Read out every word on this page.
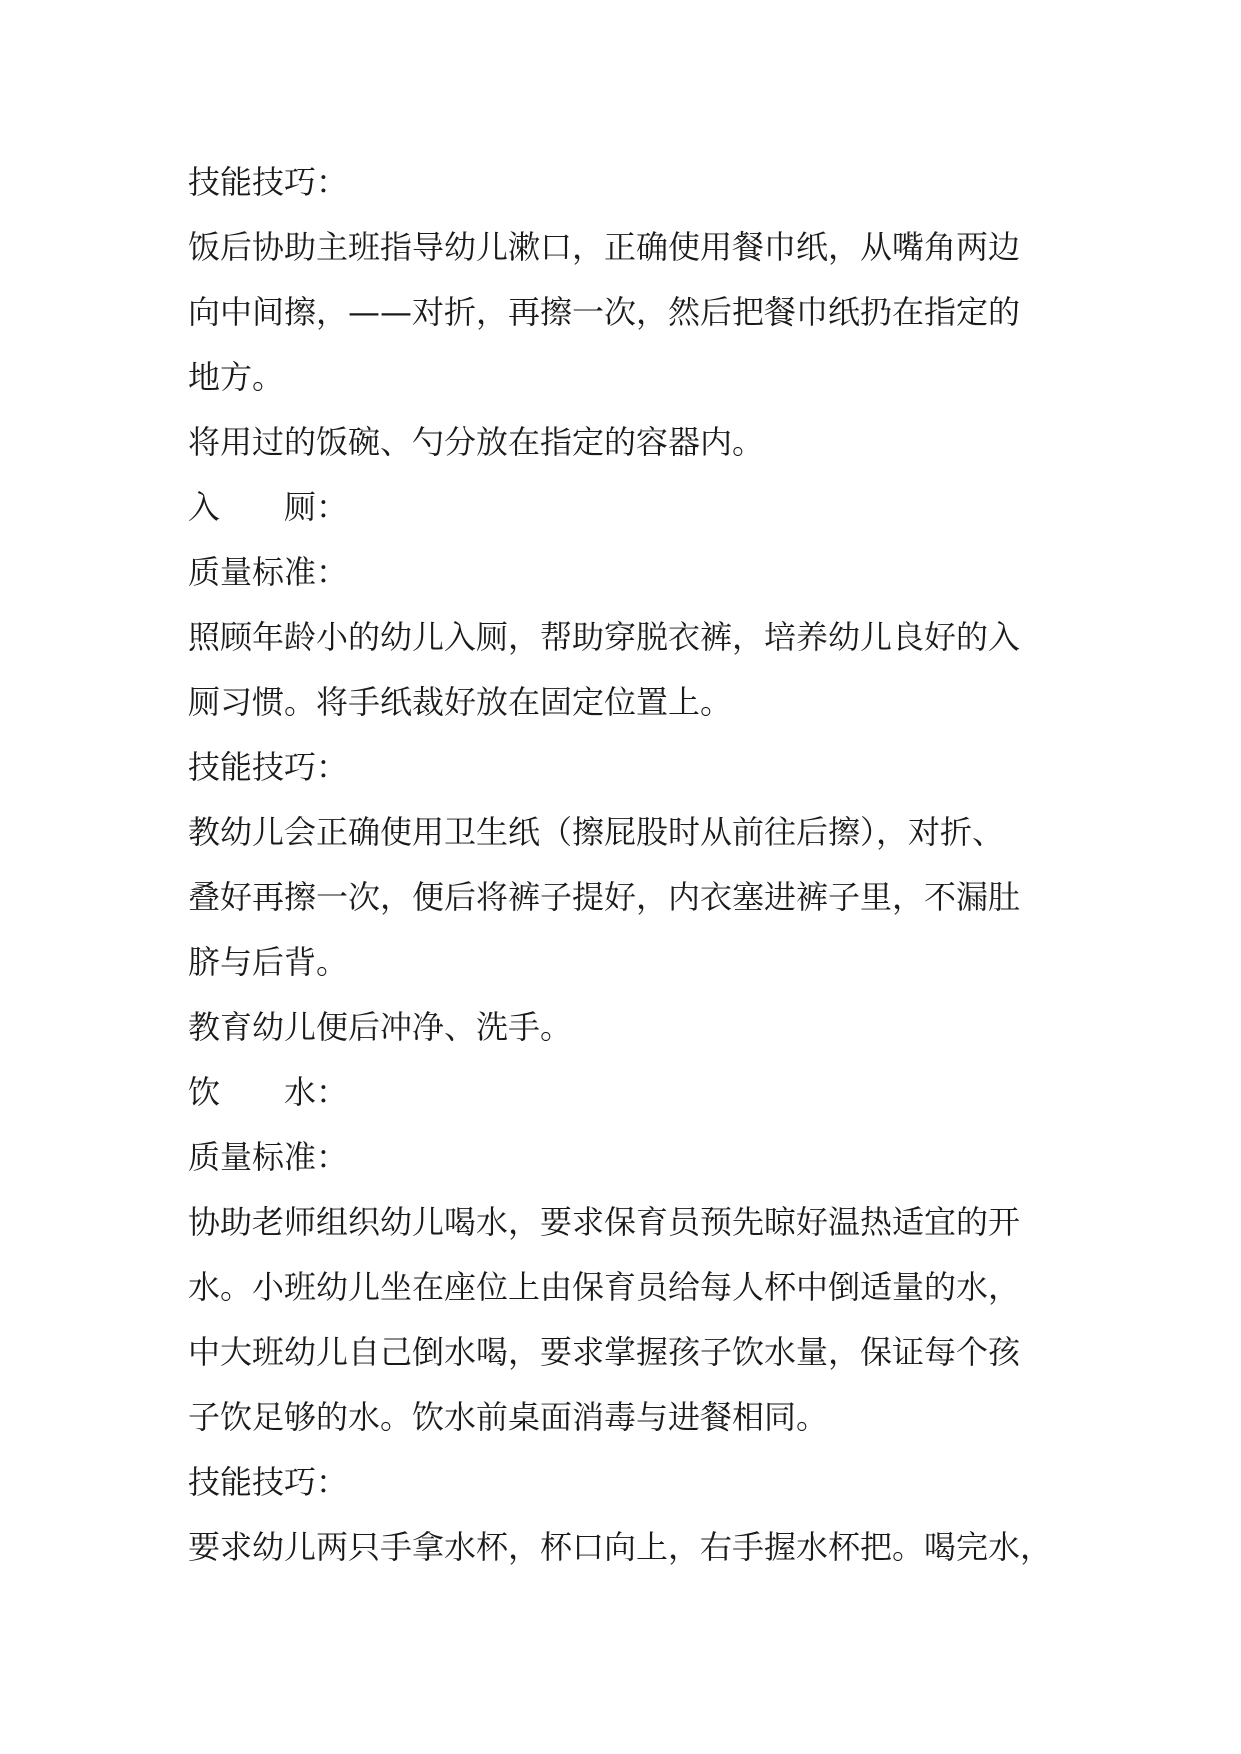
技能技巧：
饭后协助主班指导幼儿漱口，正确使用餐巾纸，从嘴角两边
向中间擦，——对折，再擦一次，然后把餐巾纸扔在指定的
地方。
将用过的饭碗、勺分放在指定的容器内。
入　　厕：
质量标准：
照顾年龄小的幼儿入厕，帮助穿脱衣裤，培养幼儿良好的入
厕习惯。将手纸裁好放在固定位置上。
技能技巧：
教幼儿会正确使用卫生纸（擦屁股时从前往后擦），对折、
叠好再擦一次，便后将裤子提好，内衣塞进裤子里，不漏肚
脐与后背。
教育幼儿便后冲净、洗手。
饮　　水：
质量标准：
协助老师组织幼儿喝水，要求保育员预先晾好温热适宜的开
水。小班幼儿坐在座位上由保育员给每人杯中倒适量的水，
中大班幼儿自己倒水喝，要求掌握孩子饮水量，保证每个孩
子饮足够的水。饮水前桌面消毒与进餐相同。
技能技巧：
要求幼儿两只手拿水杯，杯口向上，右手握水杯把。喝完水，
